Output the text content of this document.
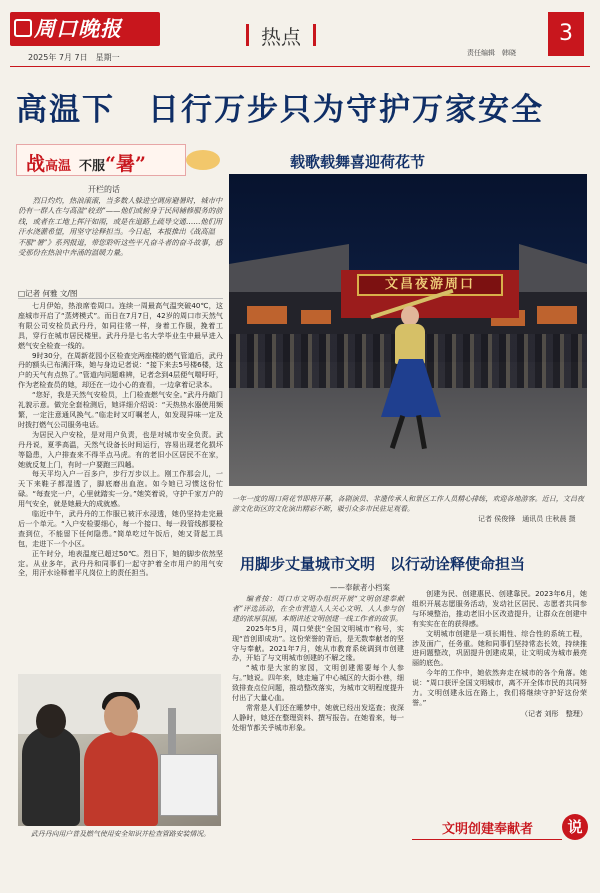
周口晚报
2025年 7月 7日　星期一
热点
责任编辑　韩晓
3
高温下　日行万步只为守护万家安全
战高温 不服“暑”
开栏的话
　　烈日灼灼，热浪滚滚，当多数人躲进空调房避暑时，城市中仍有一群人在与高温“较劲”——他们或俯身于民间辅修服务的前线，或者在工地上挥汗如雨，或是在道路上疏导交通……他们用汗水浇灌希望，用坚守诠释担当。今日起，本报推出《战高温 不服“暑”》系列报道，带您聆听这些平凡奋斗者的奋斗故事，感受那份在热浪中奔涌的温暖力量。
□记者 何雅 文/图

七月伊始，热浪席卷周口。连续一周最高气温突破40℃，这座城市开启了“蒸烤模式”。而日在7月7日，42岁的周口市天然气有限公司安检员武丹丹，如同往常一样，身着工作服，挽着工具，穿行在城市居民楼里。武丹丹是七名大学毕业生中最早进入燃气安全检查一线的。

9时30分，在周新花园小区检查完两座楼的燃气管道后，武丹丹的额头已布满汗珠，她与身边记者说：“接下来去5号楼6楼，这户的天气有点热了。”管道内问题难辨，记者念到4层便气喘吁吁，作为老检查员的她，却还在一边小心的查看，一边拿着记录本。

“您好，我是天然气安检员，上门检查燃气安全。”武丹丹敲门礼貌示意。做完全套检测后，她详细介绍说：“天热热水器使用频繁，一定注意通风换气。”临走时又叮嘱老人，如发现异味一定及时拨打燃气公司服务电话。

为居民入户安检，是对用户负责，也是对城市安全负责。武丹丹说，夏季高温，天然气设备长时间运行，容易出现老化损坏等隐患，入户排查来不得半点马虎。有的老旧小区居民不在家，她就反复上门，有时一户要跑三四趟。

每天平均入户一百多户，步行万步以上。刚工作那会儿，一天下来鞋子都湿透了，脚底磨出血泡。如今她已习惯这份忙碌。“每查完一户，心里就踏实一分。”她笑着说，守护千家万户的用气安全，就是她最大的成就感。

临近中午，武丹丹的工作服已被汗水浸透，她仍坚持走完最后一个单元。“入户安检要细心，每一个接口、每一段管线都要检查到位，不能留下任何隐患。”简单吃过午饭后，她又背起工具包，走进下一个小区。

正午时分，地表温度已超过50℃。烈日下，她的脚步依然坚定。从业多年，武丹丹和同事们一起守护着全市用户的用气安全，用汗水诠释着平凡岗位上的责任担当。

武丹丹向用户普及燃气使用安全知识并检查管路安装情况。
载歌载舞喜迎荷花节
文昌夜游周口
一年一度的周口荷花节即将开幕，各剧演员、非遗传承人和景区工作人员精心排练，欢迎各地游客。近日，文昌夜游文化街区的文化演出精彩不断，吸引众多市民驻足观看。
记者 侯俊锋　通讯员 庄秋晨 摄
用脚步丈量城市文明　以行动诠释使命担当
——奉献者小档案

编者按：周口市文明办组织开展“文明创建奉献者”评选活动，在全市营造人人关心文明、人人参与创建的浓厚氛围。本期讲述文明创建一线工作者的故事。

2025年5月，周口荣获“全国文明城市”称号，实现“首创即成功”。这份荣誉的背后，是无数奉献者的坚守与奉献。2021年7月，她从市教育系统调到市创建办，开始了与文明城市创建的不解之缘。

“城市是大家的家园，文明创建需要每个人参与。”她说。四年来，她走遍了中心城区的大街小巷，细致排查点位问题，推动整改落实，为城市文明程度提升付出了大量心血。

常常是人们还在睡梦中，她就已经出发巡查；夜深人静时，她还在整理资料、撰写报告。在她看来，每一处细节都关乎城市形象。

创建为民、创建惠民、创建靠民。2023年6月，她组织开展志愿服务活动，发动社区居民、志愿者共同参与环境整治，推动老旧小区改造提升，让群众在创建中有实实在在的获得感。

文明城市创建是一项长期性、综合性的系统工程，涉及面广，任务重。她和同事们坚持常态长效，持续推进问题整改，巩固提升创建成果，让文明成为城市最亮丽的底色。

今年的工作中，她依然奔走在城市的各个角落。她说：“周口获评全国文明城市，离不开全体市民的共同努力。文明创建永远在路上，我们将继续守护好这份荣誉。”

（记者 刘彤　整理）
文明创建奉献者	说
